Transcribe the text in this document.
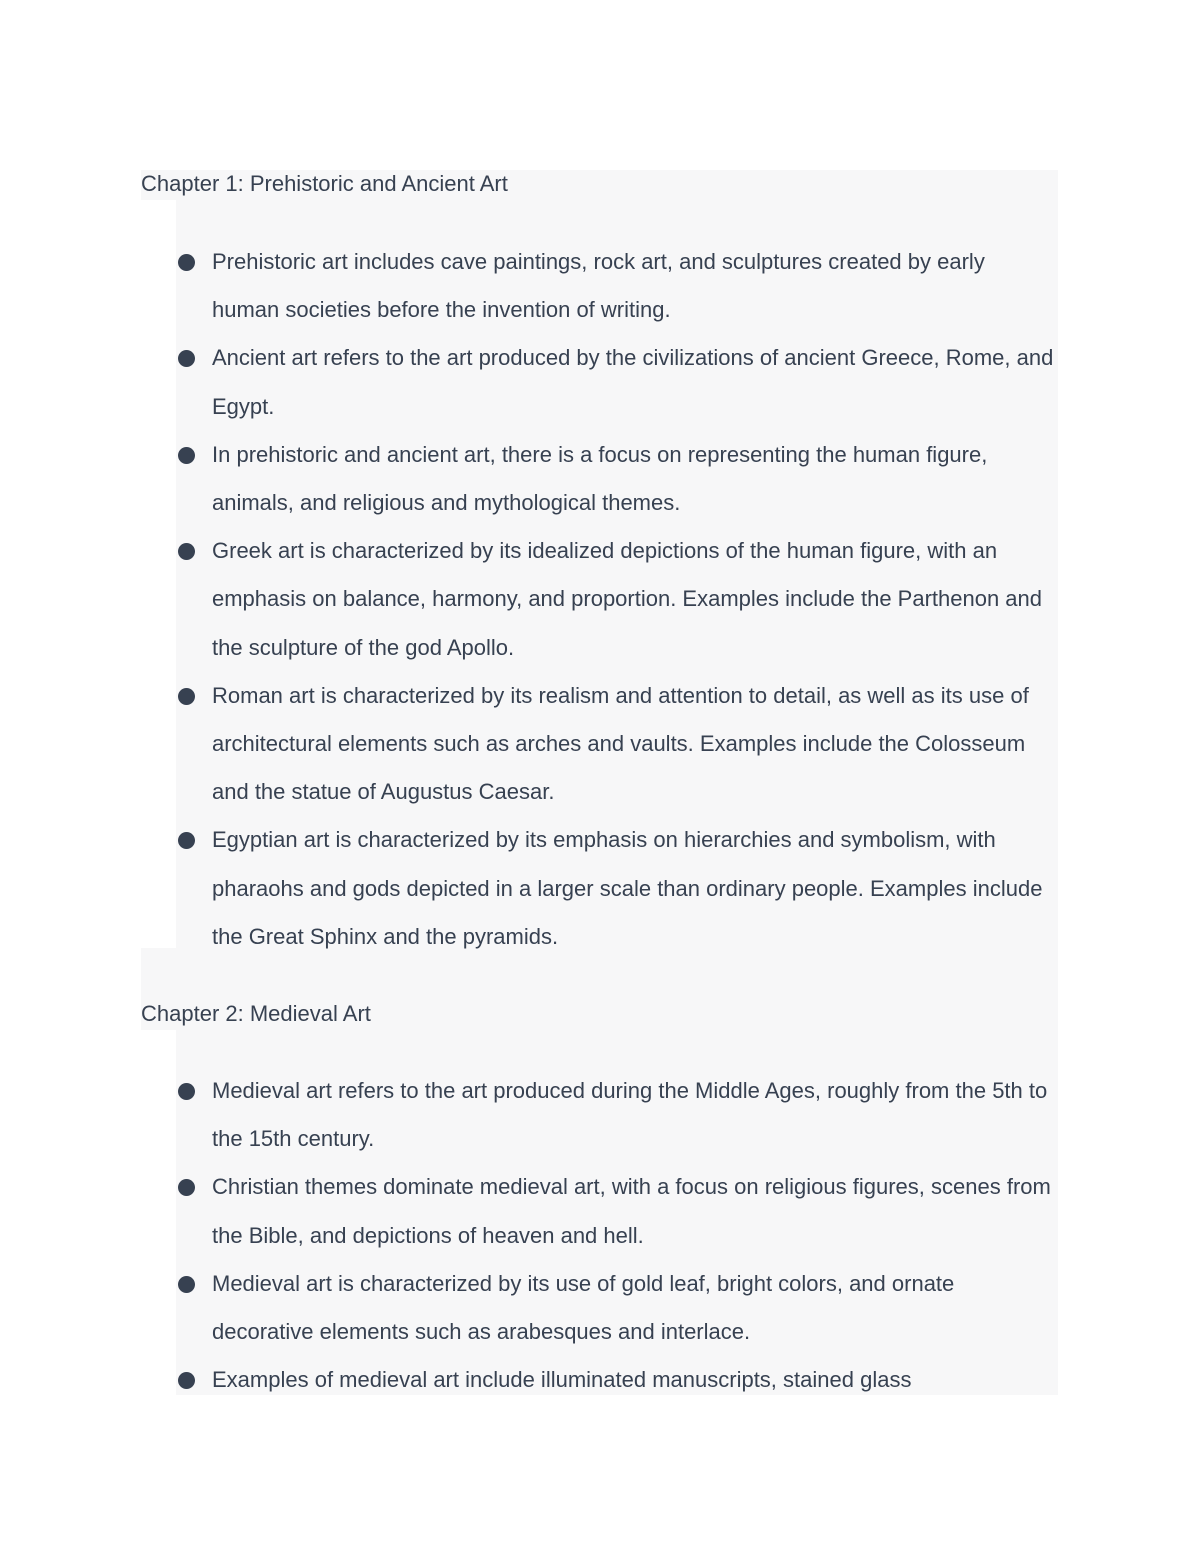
Chapter 1: Prehistoric and Ancient Art
Prehistoric art includes cave paintings, rock art, and sculptures created by early human societies before the invention of writing.
Ancient art refers to the art produced by the civilizations of ancient Greece, Rome, and Egypt.
In prehistoric and ancient art, there is a focus on representing the human figure, animals, and religious and mythological themes.
Greek art is characterized by its idealized depictions of the human figure, with an emphasis on balance, harmony, and proportion. Examples include the Parthenon and the sculpture of the god Apollo.
Roman art is characterized by its realism and attention to detail, as well as its use of architectural elements such as arches and vaults. Examples include the Colosseum and the statue of Augustus Caesar.
Egyptian art is characterized by its emphasis on hierarchies and symbolism, with pharaohs and gods depicted in a larger scale than ordinary people. Examples include the Great Sphinx and the pyramids.
Chapter 2: Medieval Art
Medieval art refers to the art produced during the Middle Ages, roughly from the 5th to the 15th century.
Christian themes dominate medieval art, with a focus on religious figures, scenes from the Bible, and depictions of heaven and hell.
Medieval art is characterized by its use of gold leaf, bright colors, and ornate decorative elements such as arabesques and interlace.
Examples of medieval art include illuminated manuscripts, stained glass
